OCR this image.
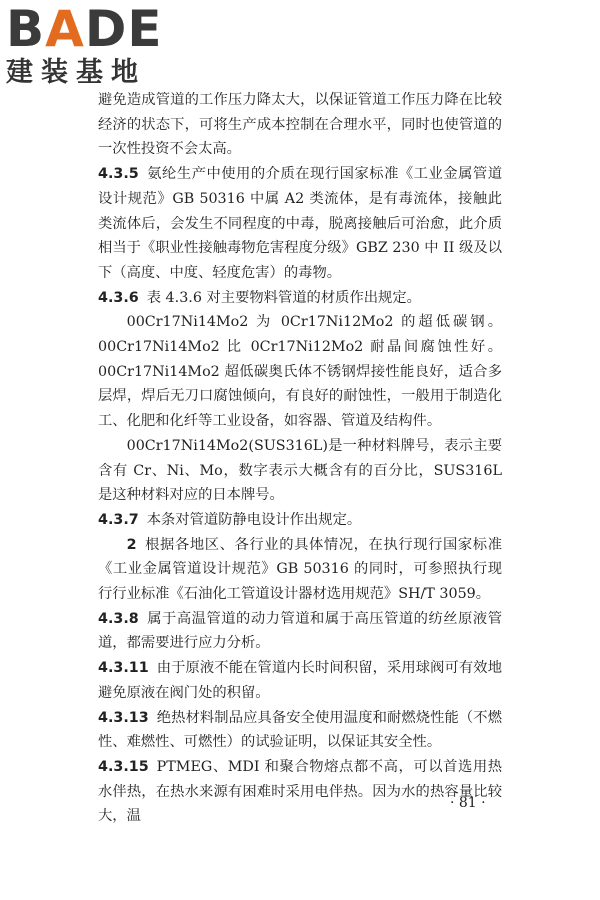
BADE
建装基地

避免造成管道的工作压力降太大，以保证管道工作压力降在比较经济的状态下，可将生产成本控制在合理水平，同时也使管道的一次性投资不会太高。

4.3.5 氨纶生产中使用的介质在现行国家标准《工业金属管道设计规范》GB 50316 中属 A2 类流体，是有毒流体，接触此类流体后，会发生不同程度的中毒，脱离接触后可治愈，此介质相当于《职业性接触毒物危害程度分级》GBZ 230 中 II 级及以下（高度、中度、轻度危害）的毒物。

4.3.6 表 4.3.6 对主要物料管道的材质作出规定。

00Cr17Ni14Mo2 为 0Cr17Ni12Mo2 的超低碳钢。00Cr17Ni14Mo2 比 0Cr17Ni12Mo2 耐晶间腐蚀性好。00Cr17Ni14Mo2 超低碳奥氏体不锈钢焊接性能良好，适合多层焊，焊后无刀口腐蚀倾向，有良好的耐蚀性，一般用于制造化工、化肥和化纤等工业设备，如容器、管道及结构件。

00Cr17Ni14Mo2(SUS316L)是一种材料牌号，表示主要含有 Cr、Ni、Mo，数字表示大概含有的百分比，SUS316L 是这种材料对应的日本牌号。

4.3.7 本条对管道防静电设计作出规定。

2 根据各地区、各行业的具体情况，在执行现行国家标准《工业金属管道设计规范》GB 50316 的同时，可参照执行现行行业标准《石油化工管道设计器材选用规范》SH/T 3059。

4.3.8 属于高温管道的动力管道和属于高压管道的纺丝原液管道，都需要进行应力分析。

4.3.11 由于原液不能在管道内长时间积留，采用球阀可有效地避免原液在阀门处的积留。

4.3.13 绝热材料制品应具备安全使用温度和耐燃烧性能（不燃性、难燃性、可燃性）的试验证明，以保证其安全性。

4.3.15 PTMEG、MDI 和聚合物熔点都不高，可以首选用热水伴热，在热水来源有困难时采用电伴热。因为水的热容量比较大，温

· 81 ·
